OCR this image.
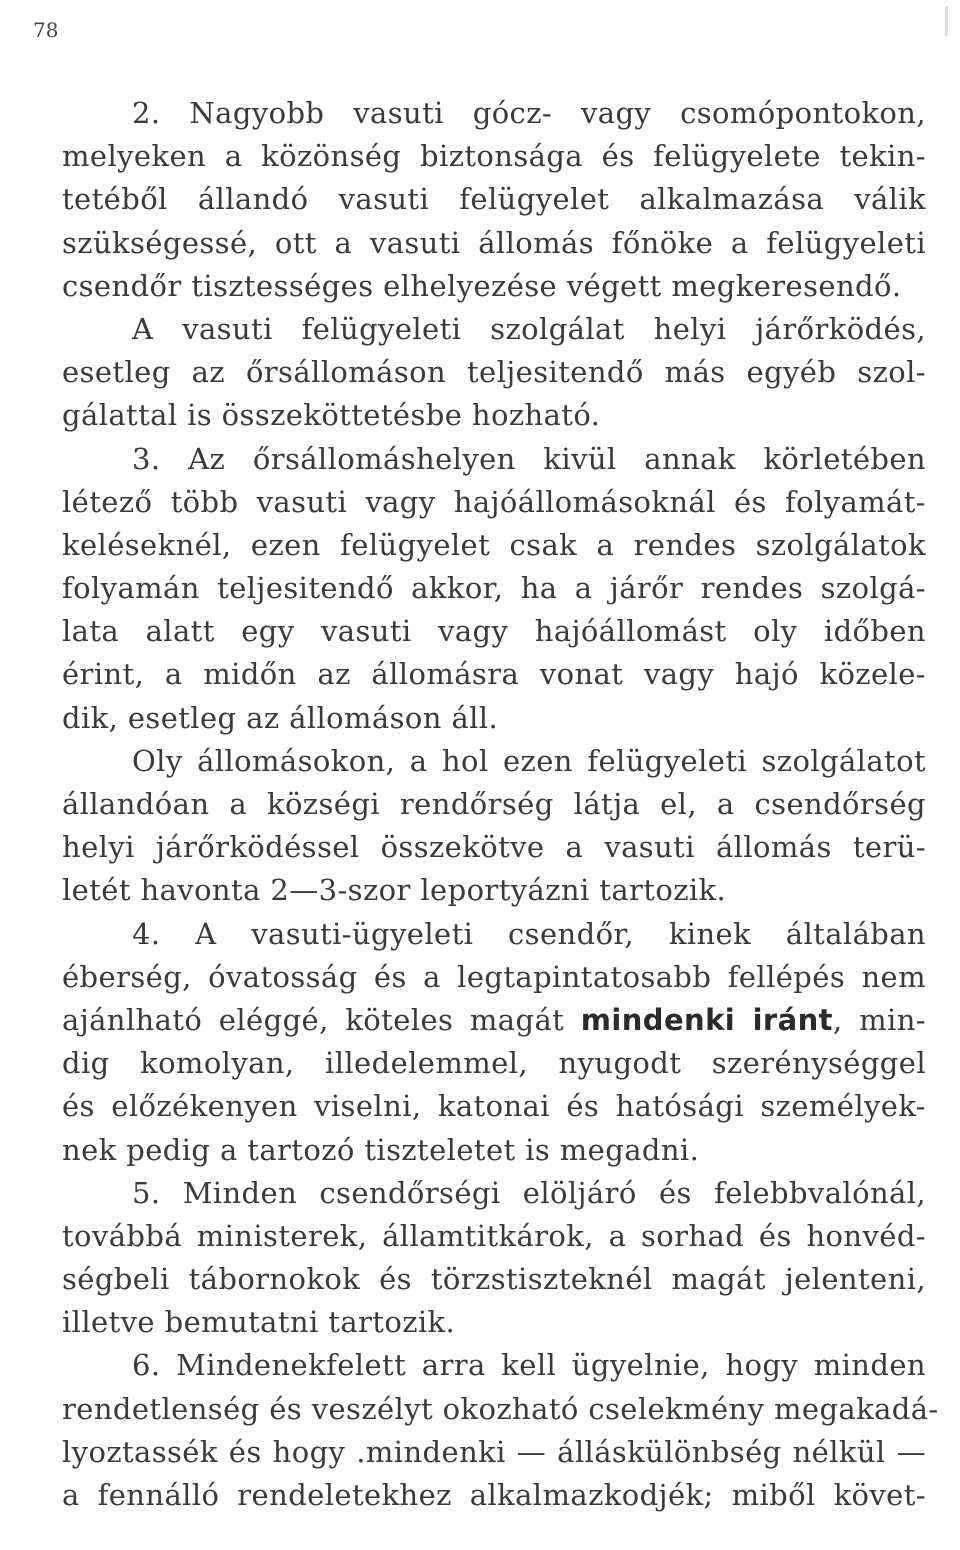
78
2. Nagyobb vasuti gócz- vagy csomópontokon,
melyeken a közönség biztonsága és felügyelete tekin-
tetéből állandó vasuti felügyelet alkalmazása válik
szükségessé, ott a vasuti állomás főnöke a felügyeleti
csendőr tisztességes elhelyezése végett megkeresendő.
A vasuti felügyeleti szolgálat helyi járőrködés,
esetleg az őrsállomáson teljesitendő más egyéb szol-
gálattal is összeköttetésbe hozható.
3. Az őrsállomáshelyen kivül annak körletében
létező több vasuti vagy hajóállomásoknál és folyamát-
keléseknél, ezen felügyelet csak a rendes szolgálatok
folyamán teljesitendő akkor, ha a járőr rendes szolgá-
lata alatt egy vasuti vagy hajóállomást oly időben
érint, a midőn az állomásra vonat vagy hajó közele-
dik, esetleg az állomáson áll.
Oly állomásokon, a hol ezen felügyeleti szolgálatot
állandóan a községi rendőrség látja el, a csendőrség
helyi járőrködéssel összekötve a vasuti állomás terü-
letét havonta 2—3-szor leportyázni tartozik.
4. A vasuti-ügyeleti csendőr, kinek általában
éberség, óvatosság és a legtapintatosabb fellépés nem
ajánlható eléggé, köteles magát mindenki iránt, min-
dig komolyan, illedelemmel, nyugodt szerénységgel
és előzékenyen viselni, katonai és hatósági személyek-
nek pedig a tartozó tiszteletet is megadni.
5. Minden csendőrségi elöljáró és felebbvalónál,
továbbá ministerek, államtitkárok, a sorhad és honvéd-
ségbeli tábornokok és törzstiszteknél magát jelenteni,
illetve bemutatni tartozik.
6. Mindenekfelett arra kell ügyelnie, hogy minden
rendetlenség és veszélyt okozható cselekmény megakadá-
lyoztassék és hogy .mindenki — álláskülönbség nélkül —
a fennálló rendeletekhez alkalmazkodjék; miből követ-
